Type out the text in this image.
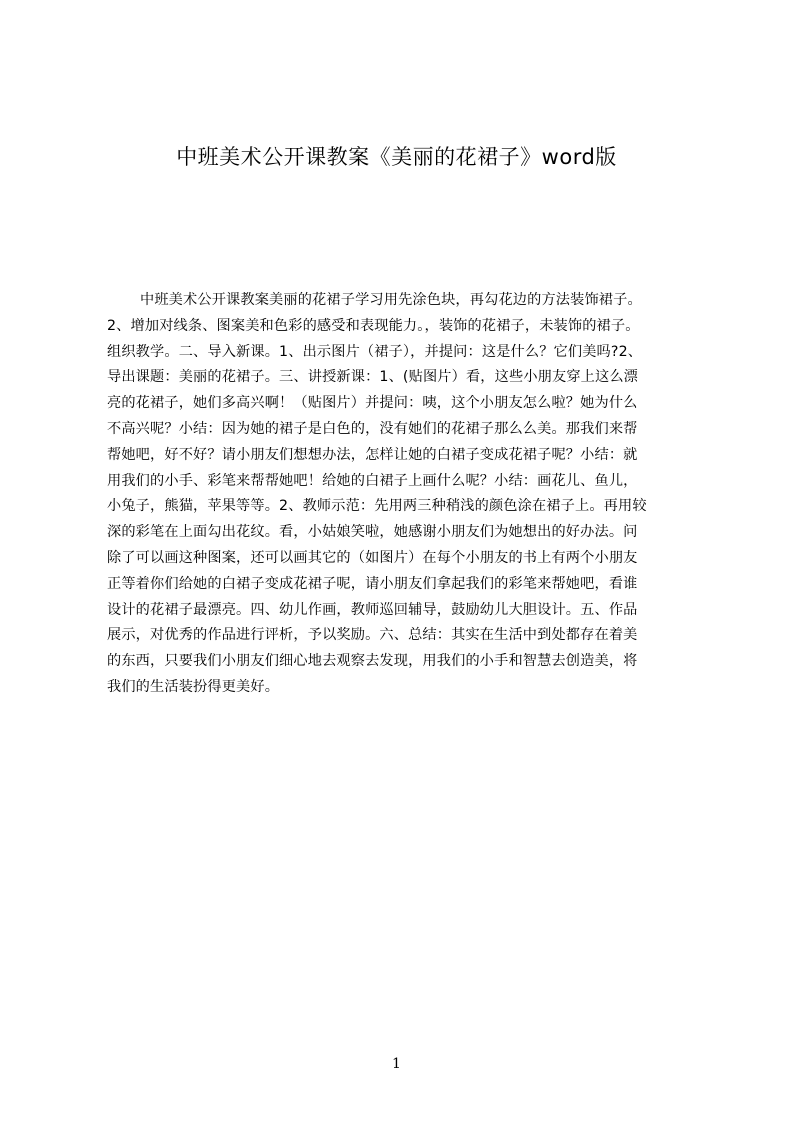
中班美术公开课教案《美丽的花裙子》word版
中班美术公开课教案美丽的花裙子学习用先涂色块，再勾花边的方法装饰裙子。
2、增加对线条、图案美和色彩的感受和表现能力。，装饰的花裙子，未装饰的裙子。
组织教学。二、导入新课。1、出示图片（裙子），并提问：这是什么？它们美吗?2、
导出课题：美丽的花裙子。三、讲授新课：1、(贴图片）看，这些小朋友穿上这么漂
亮的花裙子，她们多高兴啊！（贴图片）并提问：咦，这个小朋友怎么啦？她为什么
不高兴呢？小结：因为她的裙子是白色的，没有她们的花裙子那么么美。那我们来帮
帮她吧，好不好？请小朋友们想想办法，怎样让她的白裙子变成花裙子呢？小结：就
用我们的小手、彩笔来帮帮她吧！给她的白裙子上画什么呢？小结：画花儿、鱼儿，
小兔子，熊猫，苹果等等。2、教师示范：先用两三种稍浅的颜色涂在裙子上。再用较
深的彩笔在上面勾出花纹。看，小姑娘笑啦，她感谢小朋友们为她想出的好办法。问
除了可以画这种图案，还可以画其它的（如图片）在每个小朋友的书上有两个小朋友
正等着你们给她的白裙子变成花裙子呢，请小朋友们拿起我们的彩笔来帮她吧，看谁
设计的花裙子最漂亮。四、幼儿作画，教师巡回辅导，鼓励幼儿大胆设计。五、作品
展示，对优秀的作品进行评析，予以奖励。六、总结：其实在生活中到处都存在着美
的东西，只要我们小朋友们细心地去观察去发现，用我们的小手和智慧去创造美，将
我们的生活装扮得更美好。
1
